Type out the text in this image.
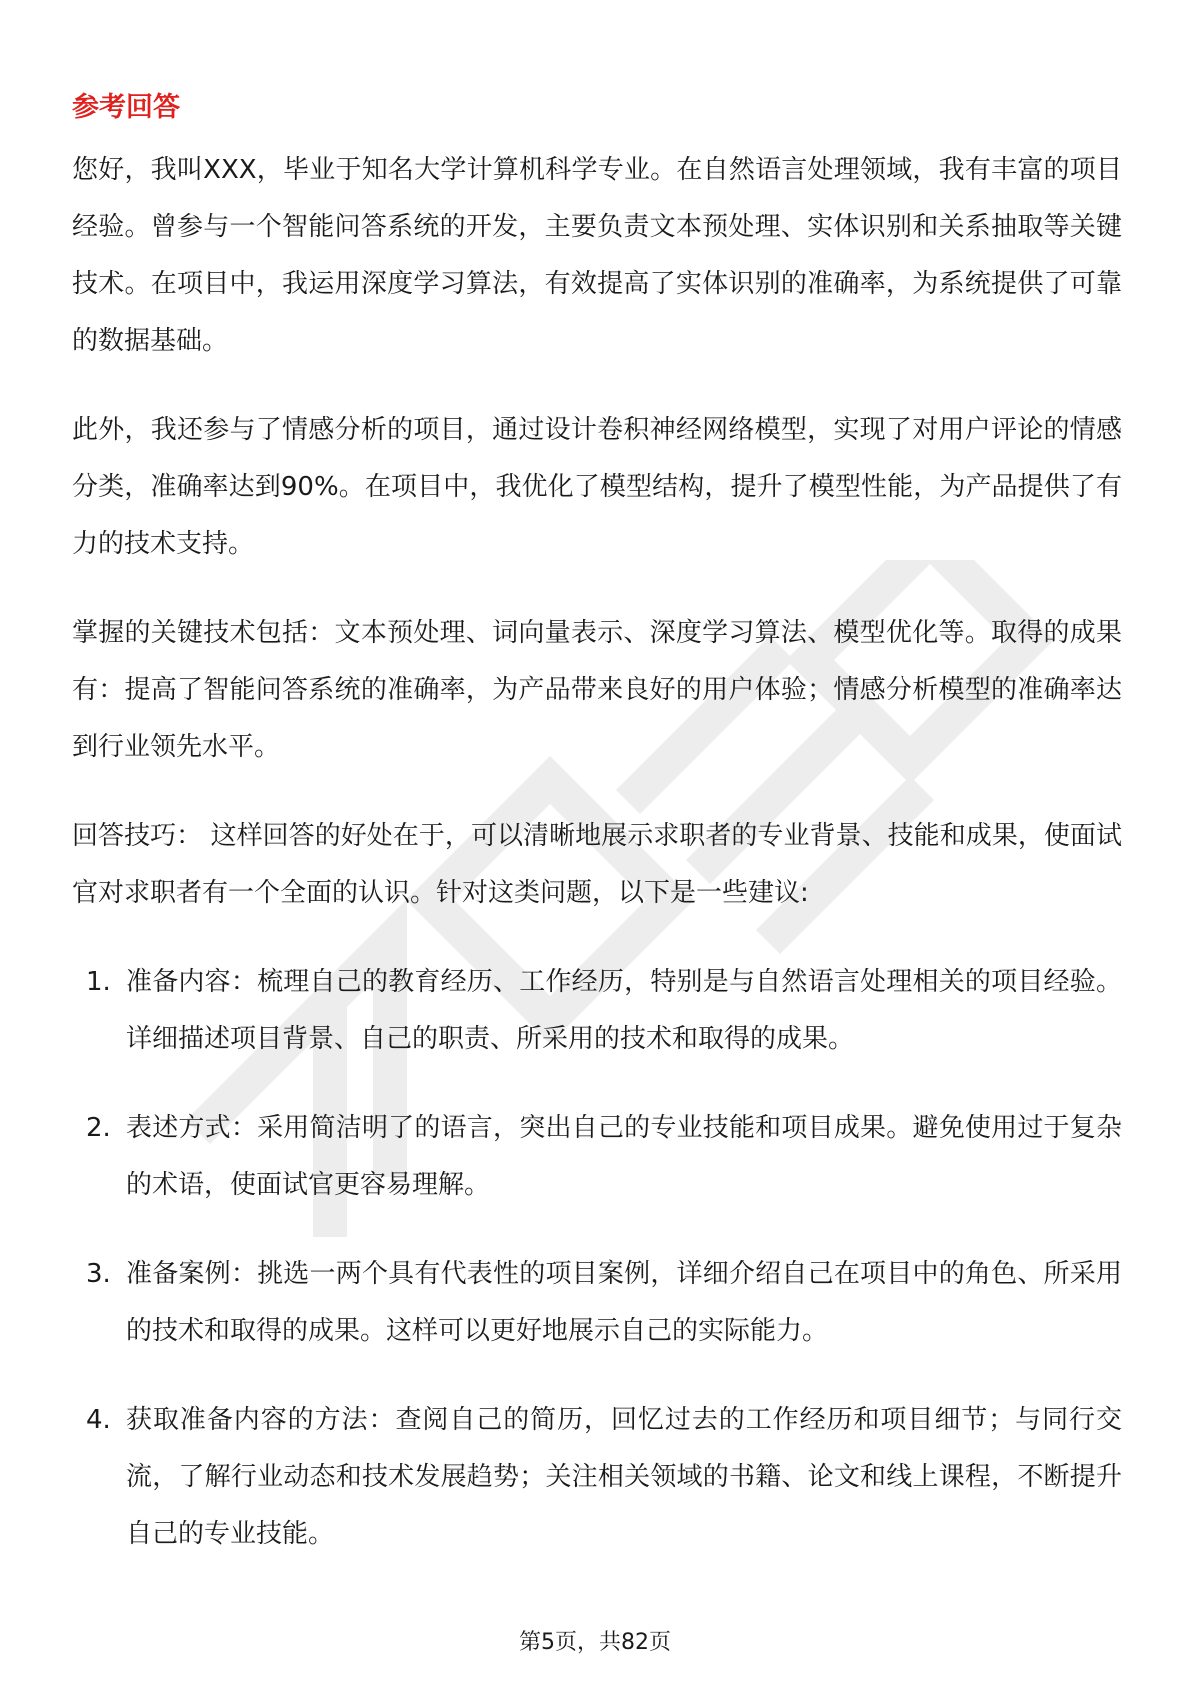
参考回答

您好，我叫XXX，毕业于知名大学计算机科学专业。在自然语言处理领域，我有丰富的项目经验。曾参与一个智能问答系统的开发，主要负责文本预处理、实体识别和关系抽取等关键技术。在项目中，我运用深度学习算法，有效提高了实体识别的准确率，为系统提供了可靠的数据基础。

此外，我还参与了情感分析的项目，通过设计卷积神经网络模型，实现了对用户评论的情感分类，准确率达到90%。在项目中，我优化了模型结构，提升了模型性能，为产品提供了有力的技术支持。

掌握的关键技术包括：文本预处理、词向量表示、深度学习算法、模型优化等。取得的成果有：提高了智能问答系统的准确率，为产品带来良好的用户体验；情感分析模型的准确率达到行业领先水平。

回答技巧： 这样回答的好处在于，可以清晰地展示求职者的专业背景、技能和成果，使面试官对求职者有一个全面的认识。针对这类问题，以下是一些建议:

1. 准备内容：梳理自己的教育经历、工作经历，特别是与自然语言处理相关的项目经验。详细描述项目背景、自己的职责、所采用的技术和取得的成果。
2. 表述方式：采用简洁明了的语言，突出自己的专业技能和项目成果。避免使用过于复杂的术语，使面试官更容易理解。
3. 准备案例：挑选一两个具有代表性的项目案例，详细介绍自己在项目中的角色、所采用的技术和取得的成果。这样可以更好地展示自己的实际能力。
4. 获取准备内容的方法：查阅自己的简历，回忆过去的工作经历和项目细节；与同行交流，了解行业动态和技术发展趋势；关注相关领域的书籍、论文和线上课程，不断提升自己的专业技能。
第5页，共82页
